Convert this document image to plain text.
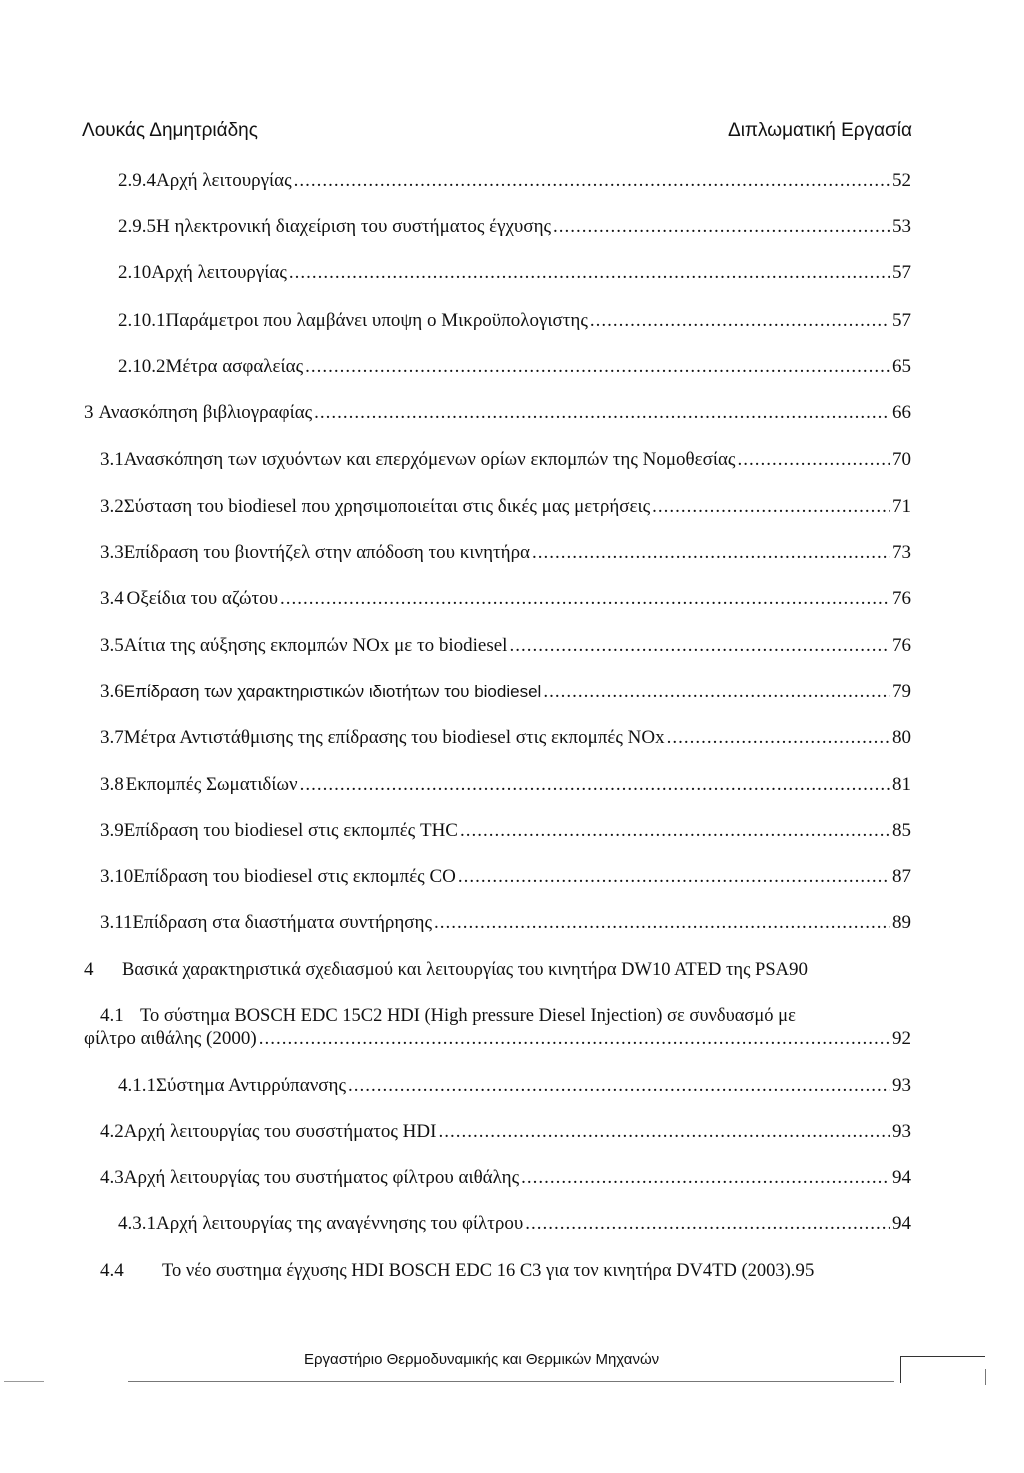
Λουκάς Δημητριάδης	Διπλωματική Εργασία
2.9.4 Αρχή λειτουργίας .....	52
2.9.5 Η ηλεκτρονική διαχείριση του συστήματος έγχυσης .....	53
2.10 Αρχή λειτουργίας .....	57
2.10.1 Παράμετροι που λαμβάνει υποψη ο Μικροϋπολογιστης .....	57
2.10.2 Μέτρα ασφαλείας .....	65
3 Ανασκόπηση βιβλιογραφίας .....	66
3.1 Ανασκόπηση των ισχυόντων και επερχόμενων ορίων εκπομπών της Νομοθεσίας .....	70
3.2 Σύσταση του biodiesel που χρησιμοποιείται στις δικές μας μετρήσεις .....	71
3.3 Επίδραση του βιοντήζελ στην απόδοση του κινητήρα .....	73
3.4 Οξείδια του αζώτου .....	76
3.5 Αίτια της αύξησης εκπομπών NOx με το biodiesel .....	76
3.6 Επίδραση των χαρακτηριστικών ιδιοτήτων του biodiesel .....	79
3.7 Μέτρα Αντιστάθμισης της επίδρασης του biodiesel στις εκπομπές NOx .....	80
3.8 Εκπομπές Σωματιδίων .....	81
3.9 Επίδραση του biodiesel στις εκπομπές THC .....	85
3.10 Επίδραση του biodiesel στις εκπομπές CO .....	87
3.11 Επίδραση στα διαστήματα συντήρησης .....	89
4	Βασικά χαρακτηριστικά σχεδιασμού και λειτουργίας του κινητήρα DW10 ATED της PSA 90
4.1 Το σύστημα BOSCH EDC 15C2 HDI (High pressure Diesel Injection) σε συνδυασμό με
φίλτρο αιθάλης (2000) .....	92
4.1.1 Σύστημα Αντιρρύπανσης .....	93
4.2 Αρχή λειτουργίας του συσστήματος HDI .....	93
4.3 Αρχή λειτουργίας του συστήματος φίλτρου αιθάλης .....	94
4.3.1 Αρχή λειτουργίας της αναγέννησης του φίλτρου .....	94
4.4	Το νέο συστημα έγχυσης HDI BOSCH EDC 16 C3 για τον κινητήρα DV4TD (2003). 95
Εργαστήριο Θερμοδυναμικής και Θερμικών Μηχανών
